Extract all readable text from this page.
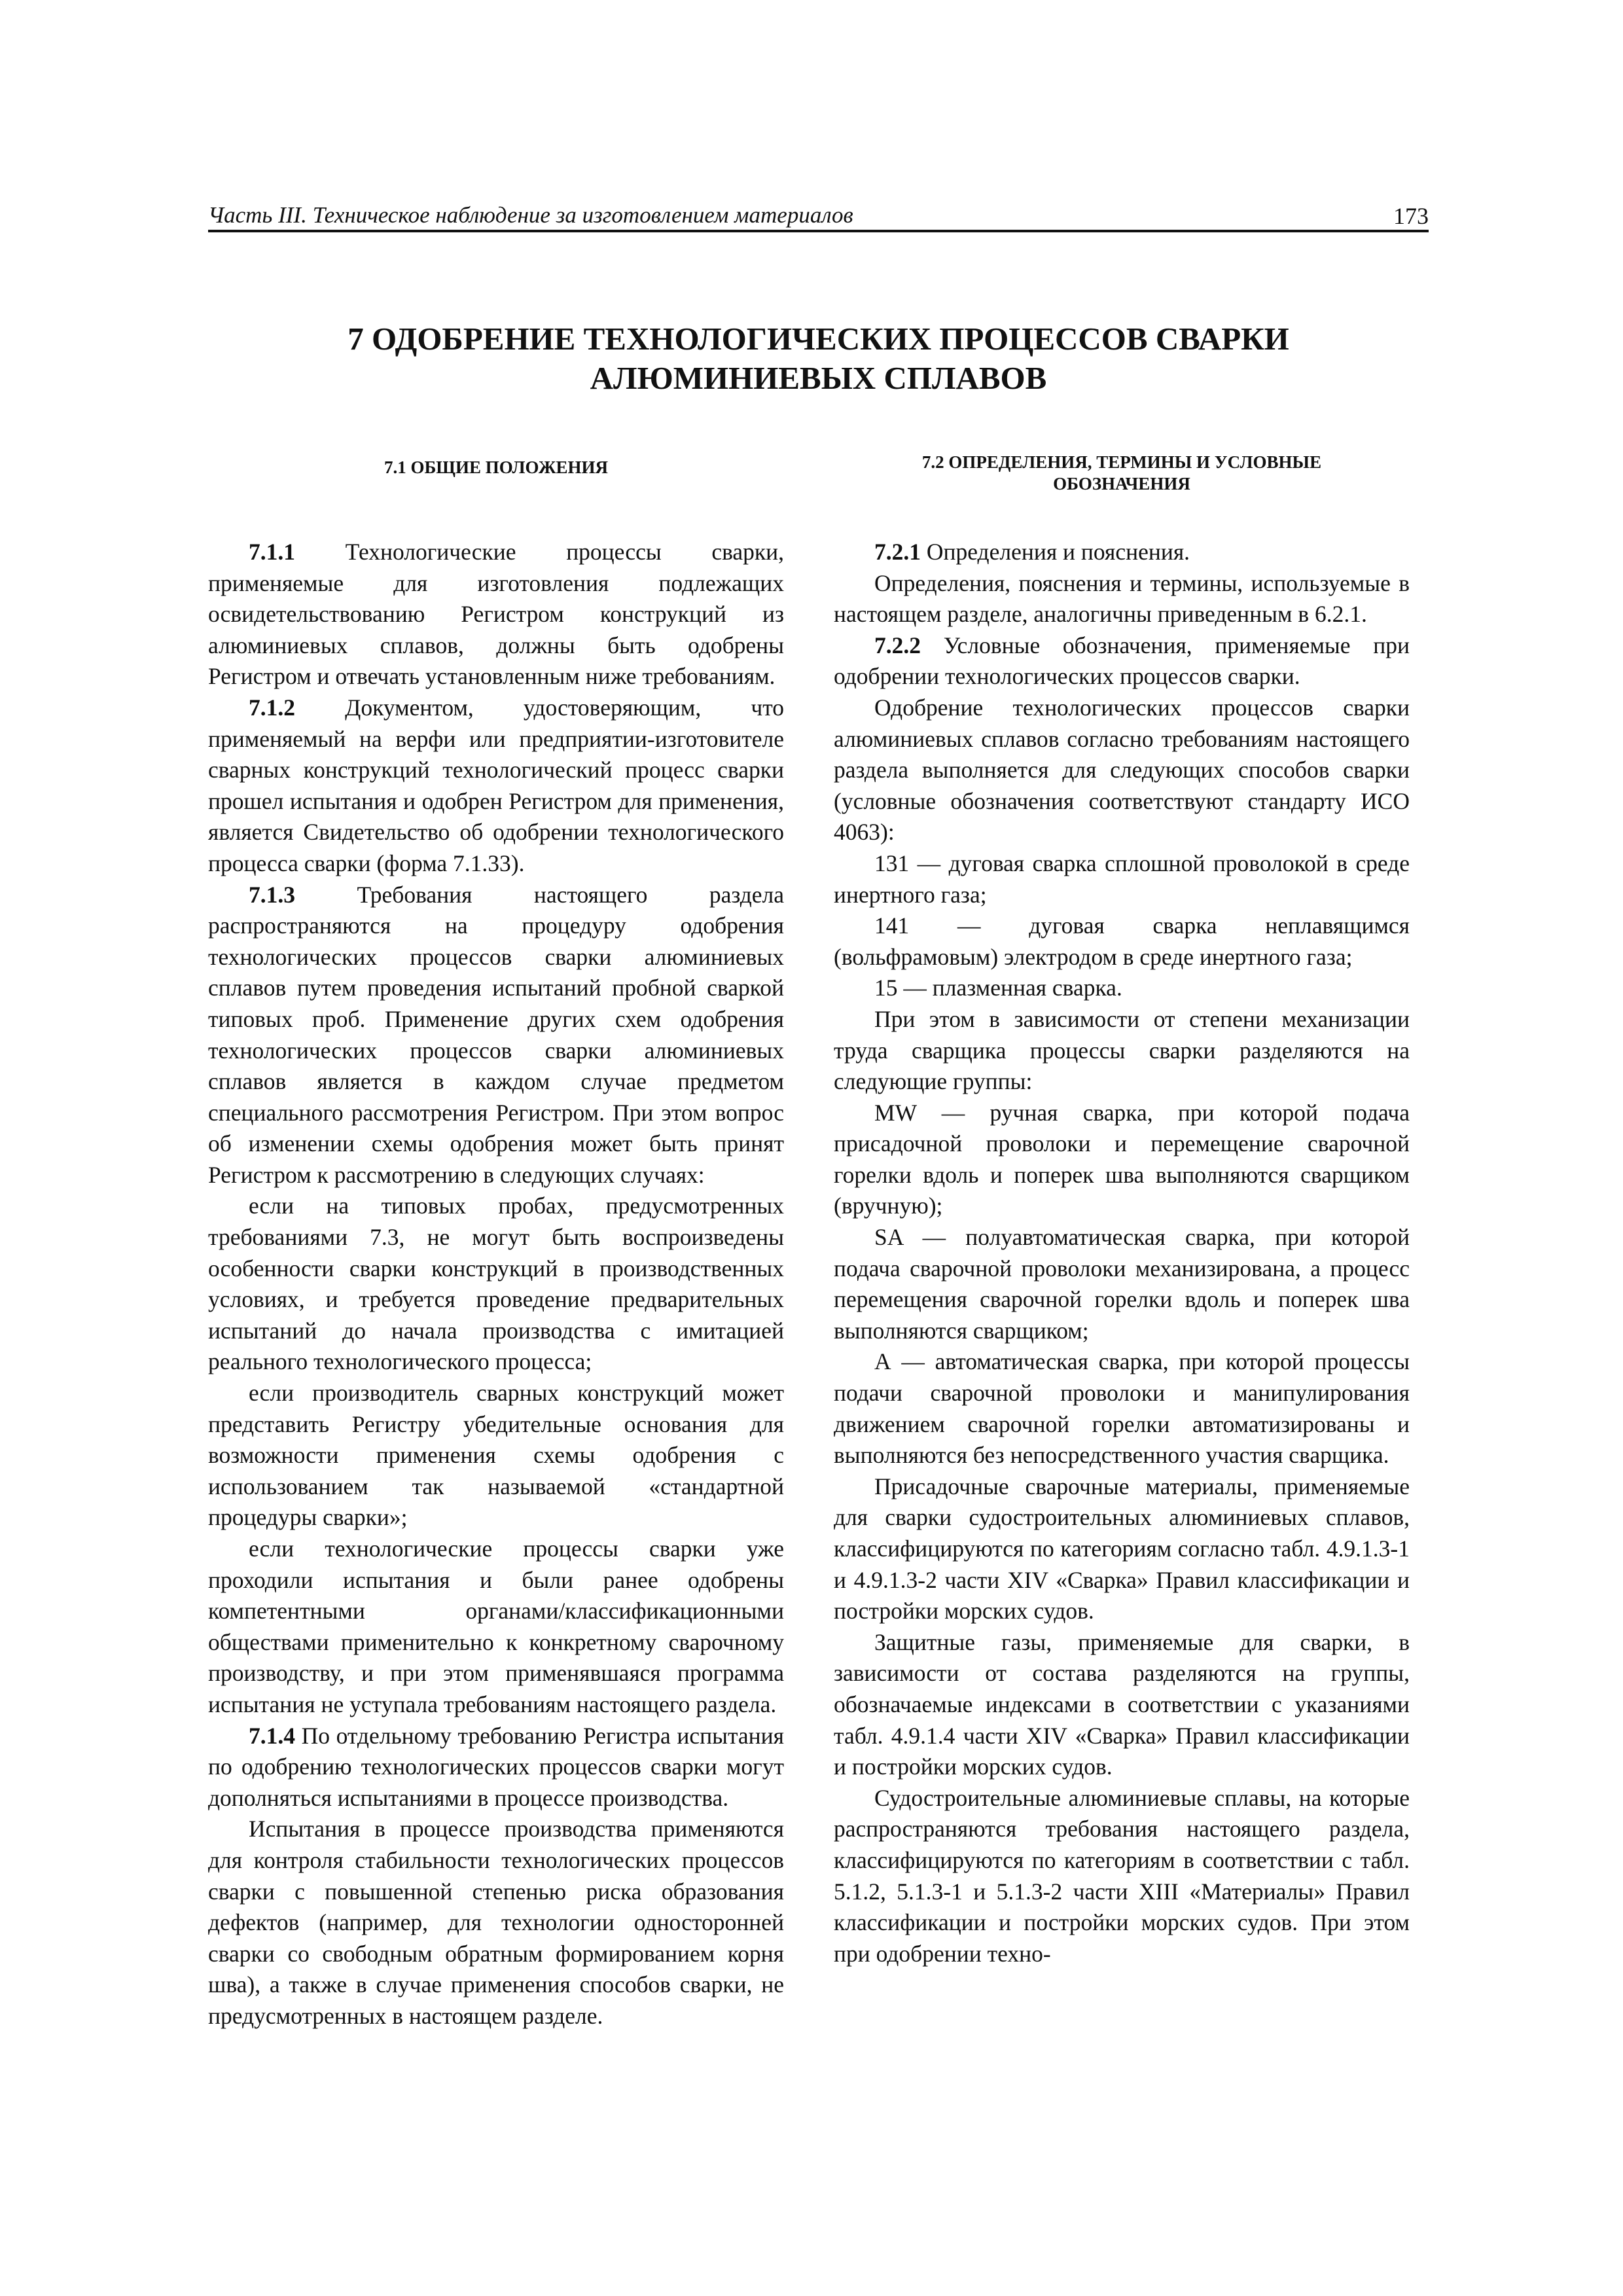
Часть III. Техническое наблюдение за изготовлением материалов	173
7 ОДОБРЕНИЕ ТЕХНОЛОГИЧЕСКИХ ПРОЦЕССОВ СВАРКИ
АЛЮМИНИЕВЫХ СПЛАВОВ
7.1 ОБЩИЕ ПОЛОЖЕНИЯ

7.1.1 Технологические процессы сварки, применяемые для изготовления подлежащих освидетельствованию Регистром конструкций из алюминиевых сплавов, должны быть одобрены Регистром и отвечать установленным ниже требованиям.

7.1.2 Документом, удостоверяющим, что применяемый на верфи или предприятии-изготовителе сварных конструкций технологический процесс сварки прошел испытания и одобрен Регистром для применения, является Свидетельство об одобрении технологического процесса сварки (форма 7.1.33).

7.1.3 Требования настоящего раздела распространяются на процедуру одобрения технологических процессов сварки алюминиевых сплавов путем проведения испытаний пробной сваркой типовых проб. Применение других схем одобрения технологических процессов сварки алюминиевых сплавов является в каждом случае предметом специального рассмотрения Регистром. При этом вопрос об изменении схемы одобрения может быть принят Регистром к рассмотрению в следующих случаях:

если на типовых пробах, предусмотренных требованиями 7.3, не могут быть воспроизведены особенности сварки конструкций в производственных условиях, и требуется проведение предварительных испытаний до начала производства с имитацией реального технологического процесса;

если производитель сварных конструкций может представить Регистру убедительные основания для возможности применения схемы одобрения с использованием так называемой «стандартной процедуры сварки»;

если технологические процессы сварки уже проходили испытания и были ранее одобрены компетентными органами/классификационными обществами применительно к конкретному сварочному производству, и при этом применявшаяся программа испытания не уступала требованиям настоящего раздела.

7.1.4 По отдельному требованию Регистра испытания по одобрению технологических процессов сварки могут дополняться испытаниями в процессе производства.

Испытания в процессе производства применяются для контроля стабильности технологических процессов сварки с повышенной степенью риска образования дефектов (например, для технологии односторонней сварки со свободным обратным формированием корня шва), а также в случае применения способов сварки, не предусмотренных в настоящем разделе.

7.2 ОПРЕДЕЛЕНИЯ, ТЕРМИНЫ И УСЛОВНЫЕ
ОБОЗНАЧЕНИЯ

7.2.1 Определения и пояснения.

Определения, пояснения и термины, используемые в настоящем разделе, аналогичны приведенным в 6.2.1.

7.2.2 Условные обозначения, применяемые при одобрении технологических процессов сварки.

Одобрение технологических процессов сварки алюминиевых сплавов согласно требованиям настоящего раздела выполняется для следующих способов сварки (условные обозначения соответствуют стандарту ИСО 4063):

131 — дуговая сварка сплошной проволокой в среде инертного газа;

141 — дуговая сварка неплавящимся (вольфрамовым) электродом в среде инертного газа;

15 — плазменная сварка.

При этом в зависимости от степени механизации труда сварщика процессы сварки разделяются на следующие группы:

MW — ручная сварка, при которой подача присадочной проволоки и перемещение сварочной горелки вдоль и поперек шва выполняются сварщиком (вручную);

SA — полуавтоматическая сварка, при которой подача сварочной проволоки механизирована, а процесс перемещения сварочной горелки вдоль и поперек шва выполняются сварщиком;

А — автоматическая сварка, при которой процессы подачи сварочной проволоки и манипулирования движением сварочной горелки автоматизированы и выполняются без непосредственного участия сварщика.

Присадочные сварочные материалы, применяемые для сварки судостроительных алюминиевых сплавов, классифицируются по категориям согласно табл. 4.9.1.3-1 и 4.9.1.3-2 части XIV «Сварка» Правил классификации и постройки морских судов.

Защитные газы, применяемые для сварки, в зависимости от состава разделяются на группы, обозначаемые индексами в соответствии с указаниями табл. 4.9.1.4 части XIV «Сварка» Правил классификации и постройки морских судов.

Судостроительные алюминиевые сплавы, на которые распространяются требования настоящего раздела, классифицируются по категориям в соответствии с табл. 5.1.2, 5.1.3-1 и 5.1.3-2 части XIII «Материалы» Правил классификации и постройки морских судов. При этом при одобрении техно-
